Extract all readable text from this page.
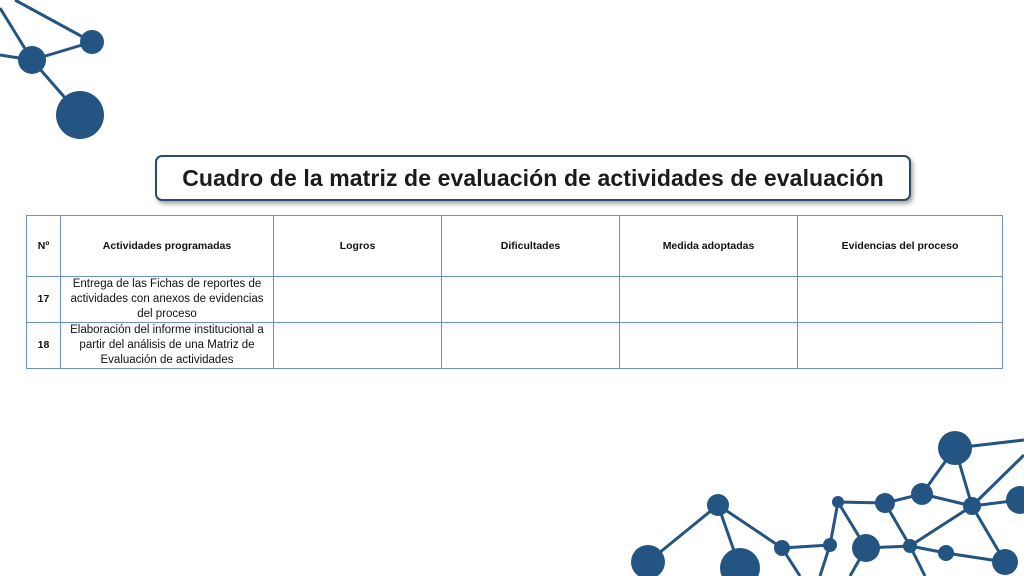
Cuadro de la matriz de evaluación de actividades de evaluación
Nº	Actividades programadas	Logros	Dificultades	Medida adoptadas	Evidencias del proceso
17	Entrega de las Fichas de reportes de actividades con anexos de evidencias del proceso				
18	Elaboración del informe institucional a partir del análisis de una Matriz de Evaluación de actividades				
